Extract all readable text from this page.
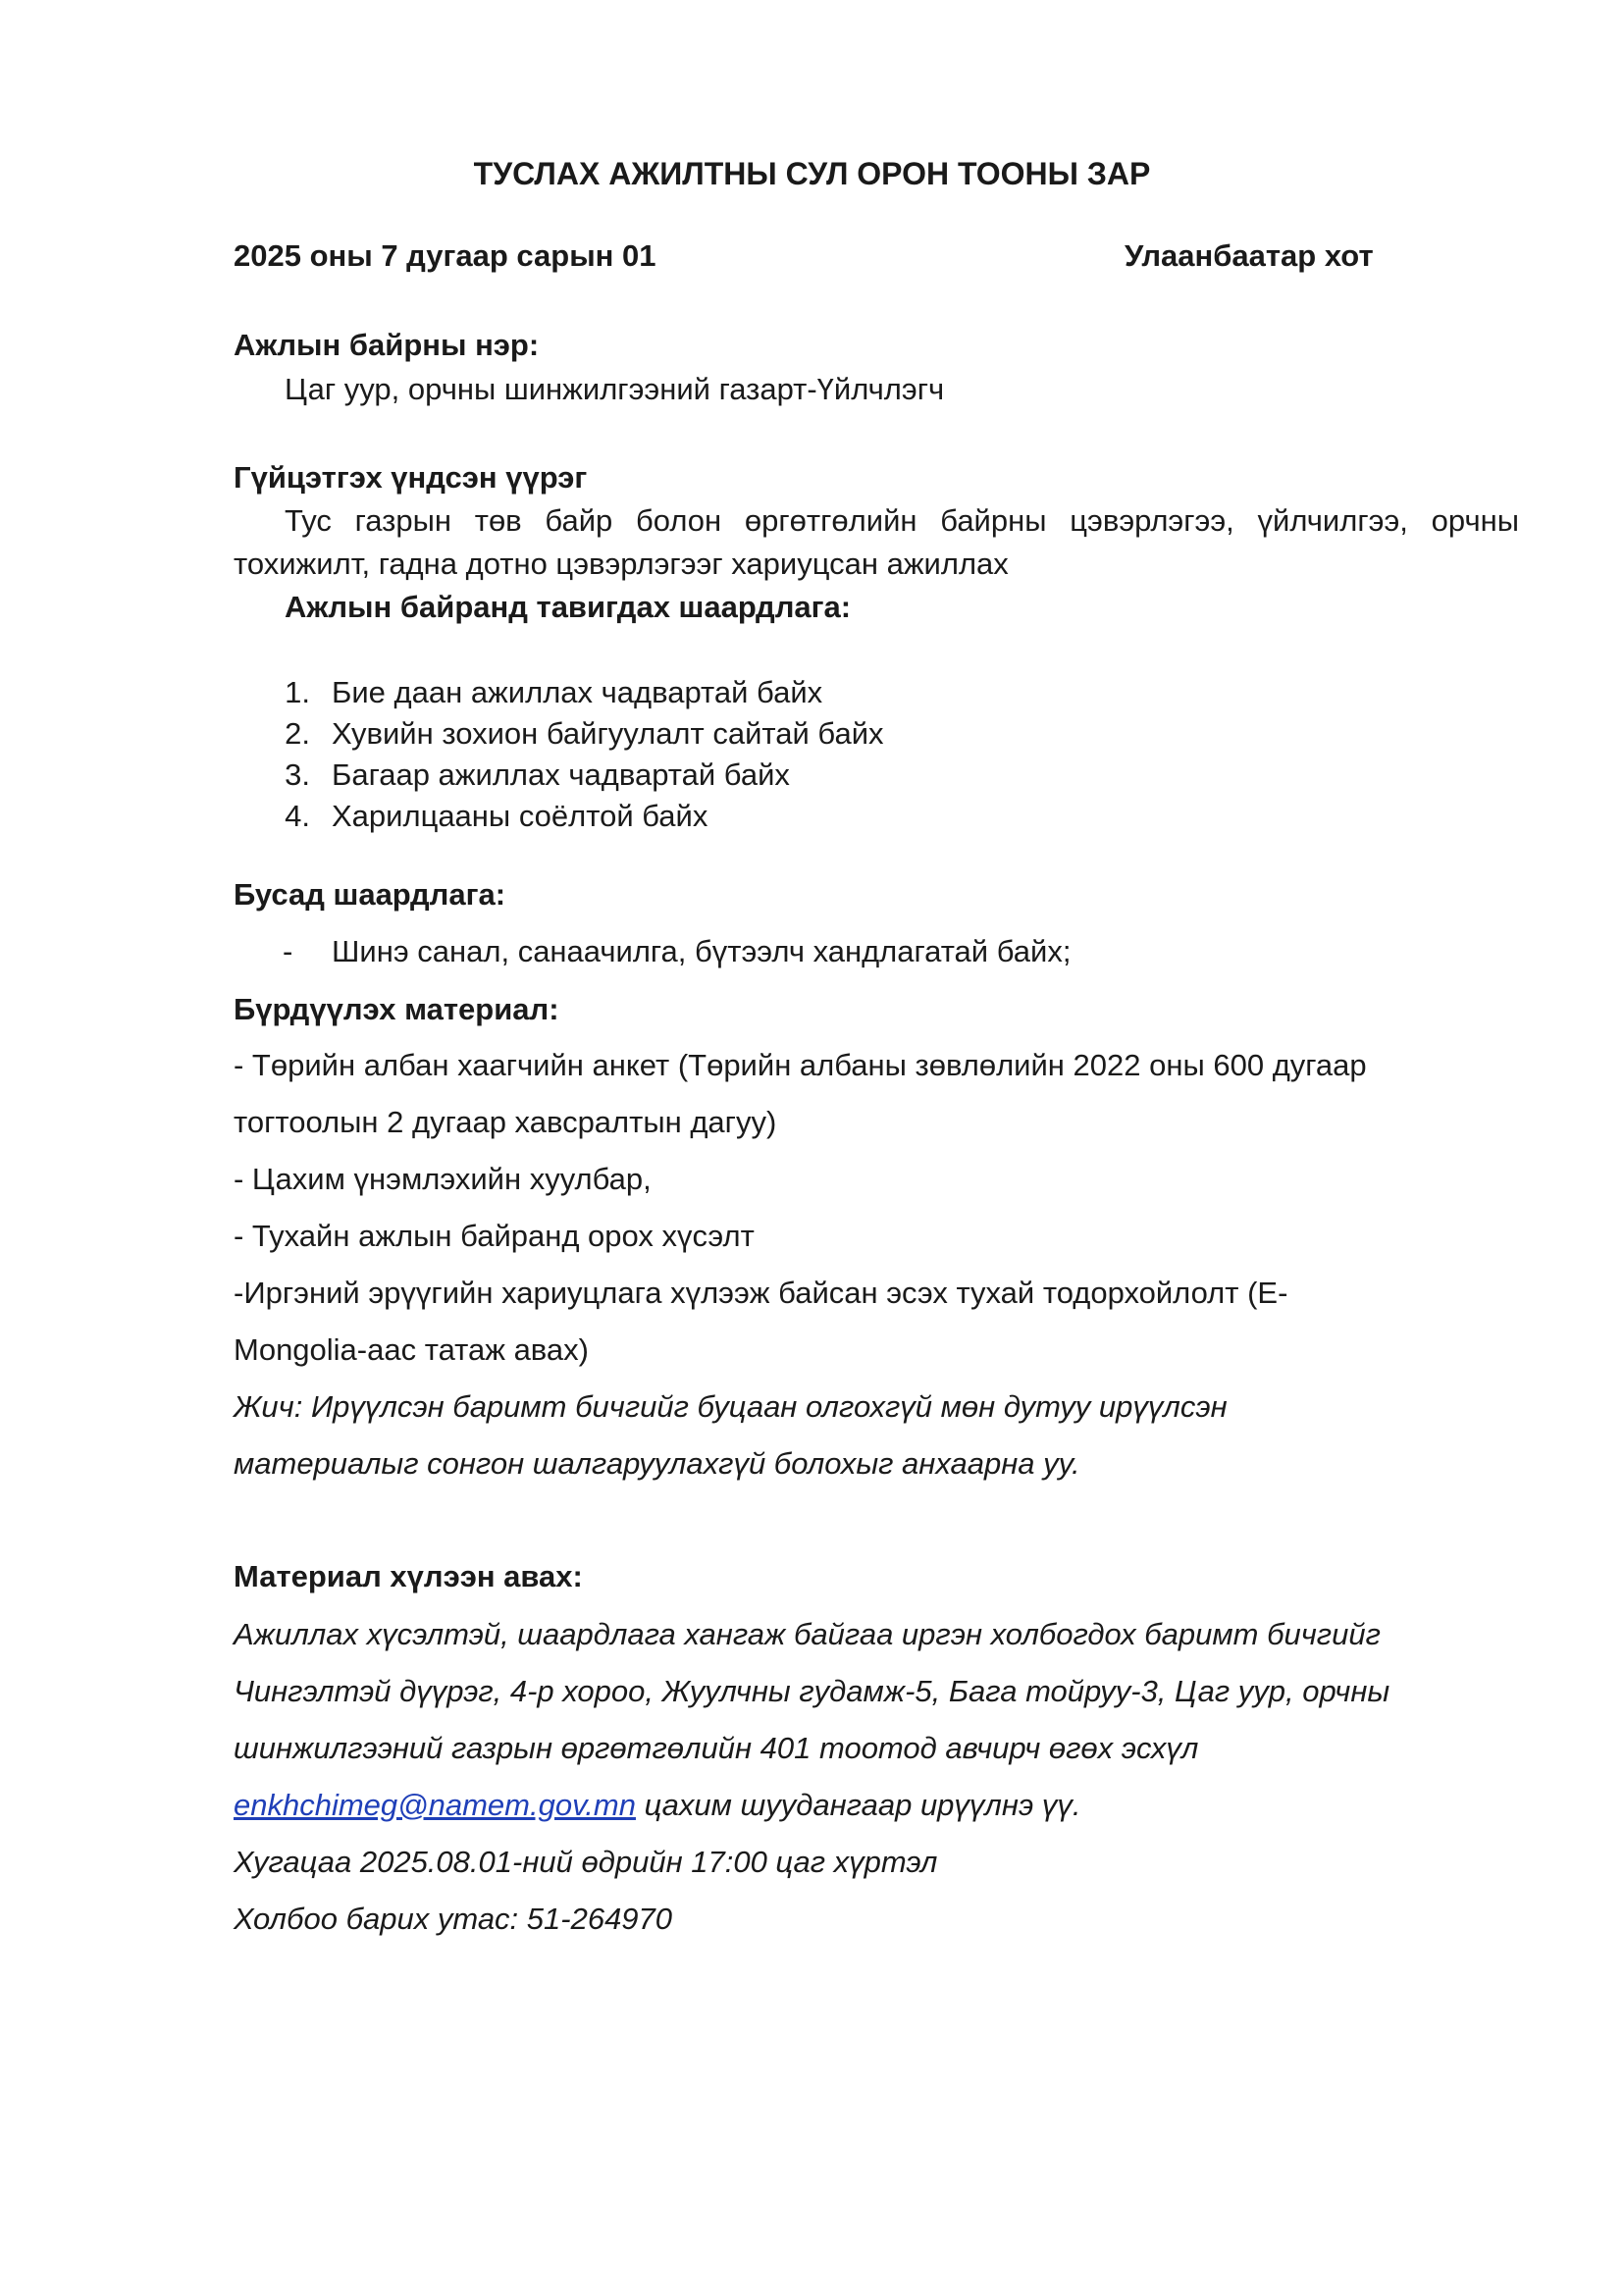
ТУСЛАХ АЖИЛТНЫ СУЛ ОРОН ТООНЫ ЗАР
2025 оны 7 дугаар сарын 01	Улаанбаатар хот
Ажлын байрны нэр:
Цаг уур, орчны шинжилгээний газарт-Үйлчлэгч
Гүйцэтгэх үндсэн үүрэг
Тус газрын төв байр болон өргөтгөлийн байрны цэвэрлэгээ, үйлчилгээ, орчны
тохижилт, гадна дотно цэвэрлэгээг хариуцсан ажиллах
Ажлын байранд тавигдах шаардлага:
1. Бие даан ажиллах чадвартай байх
2. Хувийн зохион байгуулалт сайтай байх
3. Багаар ажиллах чадвартай байх
4. Харилцааны соёлтой байх
Бусад шаардлага:
- Шинэ санал, санаачилга, бүтээлч хандлагатай байх;
Бүрдүүлэх материал:
- Төрийн албан хаагчийн анкет (Төрийн албаны зөвлөлийн 2022 оны 600 дугаар
тогтоолын 2 дугаар хавсралтын дагуу)
- Цахим үнэмлэхийн хуулбар,
- Тухайн ажлын байранд орох хүсэлт
-Иргэний эрүүгийн хариуцлага хүлээж байсан эсэх тухай тодорхойлолт (E-
Mongolia-аас татаж авах)
Жич: Ирүүлсэн баримт бичгийг буцаан олгохгүй мөн дутуу ирүүлсэн
материалыг сонгон шалгаруулахгүй болохыг анхаарна уу.
Материал хүлээн авах:
Ажиллах хүсэлтэй, шаардлага хангаж байгаа иргэн холбогдох баримт бичгийг
Чингэлтэй дүүрэг, 4-р хороо, Жуулчны гудамж-5, Бага тойруу-3, Цаг уур, орчны
шинжилгээний газрын өргөтгөлийн 401 тоотод авчирч өгөх эсхүл
enkhchimeg@namem.gov.mn цахим шуудангаар ирүүлнэ үү.
Хугацаа 2025.08.01-ний өдрийн 17:00 цаг хүртэл
Холбоо барих утас: 51-264970
